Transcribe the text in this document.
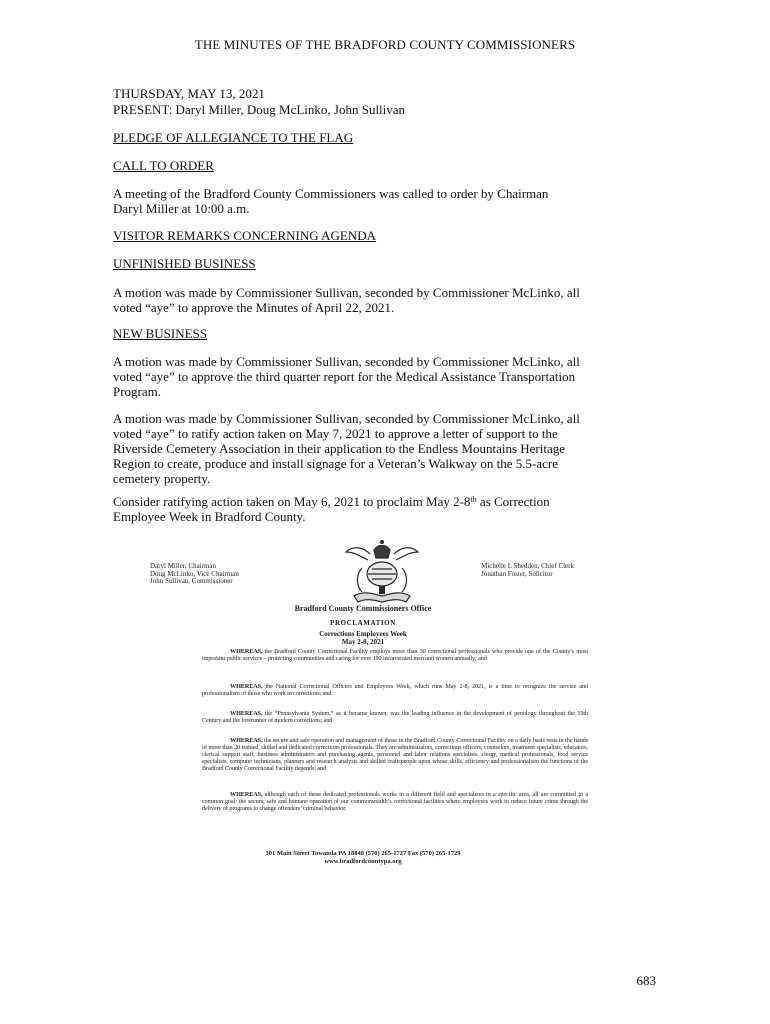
THE MINUTES OF THE BRADFORD COUNTY COMMISSIONERS
THURSDAY, MAY 13, 2021
PRESENT: Daryl Miller, Doug McLinko, John Sullivan
PLEDGE OF ALLEGIANCE TO THE FLAG
CALL TO ORDER
A meeting of the Bradford County Commissioners was called to order by Chairman
Daryl Miller at 10:00 a.m.
VISITOR REMARKS CONCERNING AGENDA
UNFINISHED BUSINESS
A motion was made by Commissioner Sullivan, seconded by Commissioner McLinko, all
voted “aye” to approve the Minutes of April 22, 2021.
NEW BUSINESS
A motion was made by Commissioner Sullivan, seconded by Commissioner McLinko, all
voted “aye” to approve the third quarter report for the Medical Assistance Transportation
Program.
A motion was made by Commissioner Sullivan, seconded by Commissioner McLinko, all
voted “aye” to ratify action taken on May 7, 2021 to approve a letter of support to the
Riverside Cemetery Association in their application to the Endless Mountains Heritage
Region to create, produce and install signage for a Veteran’s Walkway on the 5.5-acre
cemetery property.
Consider ratifying action taken on May 6, 2021 to proclaim May 2-8th as Correction
Employee Week in Bradford County.
Daryl Miller, Chairman
Doug McLinko, Vice Chairman
John Sullivan, Commissioner
Michelle L Shedden, Chief Clerk
Jonathan Foster, Solicitor
Bradford County Commissioners Office
PROCLAMATION
Corrections Employees Week
May 2-8, 2021
WHEREAS, the Bradford County Correctional Facility employs more than 30 correctional professionals who provide one of the County’s most important public services – protecting communities and caring for over 190 incarcerated men and women annually; and
WHEREAS, the National Correctional Officers and Employees Week, which runs May 2-8, 2021, is a time to recognize the service and professionalism of those who work in corrections; and
WHEREAS, the “Pennsylvania System,” as it became known, was the leading influence in the development of penology throughout the 19th Century and the forerunner of modern corrections; and
WHEREAS, the secure and safe operation and management of those in the Bradford County Correctional Facility on a daily basis rests in the hands of more than 20 trained, skilled and dedicated corrections professionals. They are administrators, corrections officers, counselors, treatment specialists, educators, clerical support staff, business administrators and purchasing agents, personnel and labor relations specialists, clergy, medical professionals, food service specialists, computer technicians, planners and research analysts and skilled craftspeople upon whose skills, efficiency and professionalism the functions of the Bradford County Correctional Facility depends; and
WHEREAS, although each of these dedicated professionals works in a different field and specializes in a specific area, all are committed to a common goal: the secure, safe and humane operation of our commonwealth’s correctional facilities where employees work to reduce future crime through the delivery of programs to change offenders’ criminal behavior.
301 Main Street Towanda PA 18848 (570) 265-1727 Fax (570) 265-1729
www.bradfordcountypa.org
683
